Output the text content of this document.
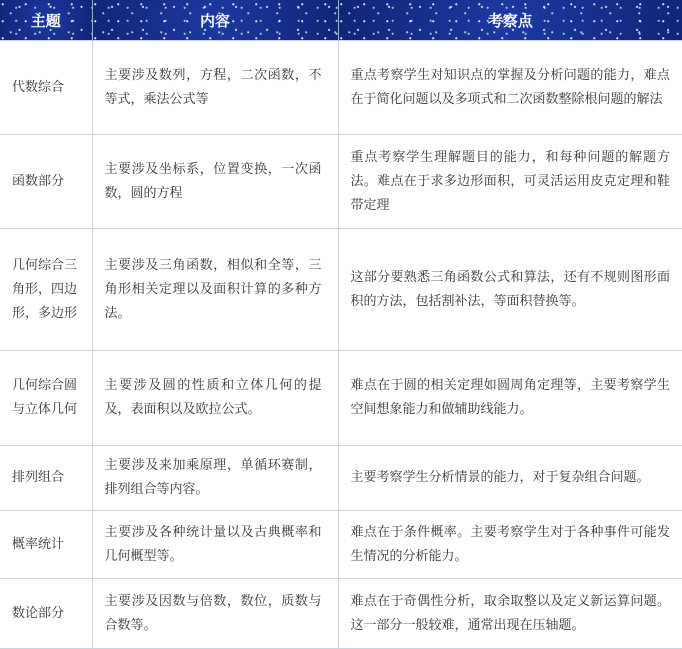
主题	内容	考察点
代数综合	主要涉及数列，方程，二次函数，不等式，乘法公式等	重点考察学生对知识点的掌握及分析问题的能力，难点在于简化问题以及多项式和二次函数整除根问题的解法
函数部分	主要涉及坐标系，位置变换，一次函数，圆的方程	重点考察学生理解题目的能力，和每种问题的解题方法。难点在于求多边形面积，可灵活运用皮克定理和鞋带定理
几何综合三角形，四边形，多边形	主要涉及三角函数，相似和全等，三角形相关定理以及面积计算的多种方法。	这部分要熟悉三角函数公式和算法，还有不规则图形面积的方法，包括割补法，等面积替换等。
几何综合圆与立体几何	主要涉及圆的性质和立体几何的提及，表面积以及欧拉公式。	难点在于圆的相关定理如圆周角定理等，主要考察学生空间想象能力和做辅助线能力。
排列组合	主要涉及来加乘原理，单循环赛制，排列组合等内容。	主要考察学生分析情景的能力，对于复杂组合问题。
概率统计	主要涉及各种统计量以及古典概率和几何概型等。	难点在于条件概率。主要考察学生对于各种事件可能发生情况的分析能力。
数论部分	主要涉及因数与倍数，数位，质数与合数等。	难点在于奇偶性分析，取余取整以及定义新运算问题。这一部分一般较难，通常出现在压轴题。
